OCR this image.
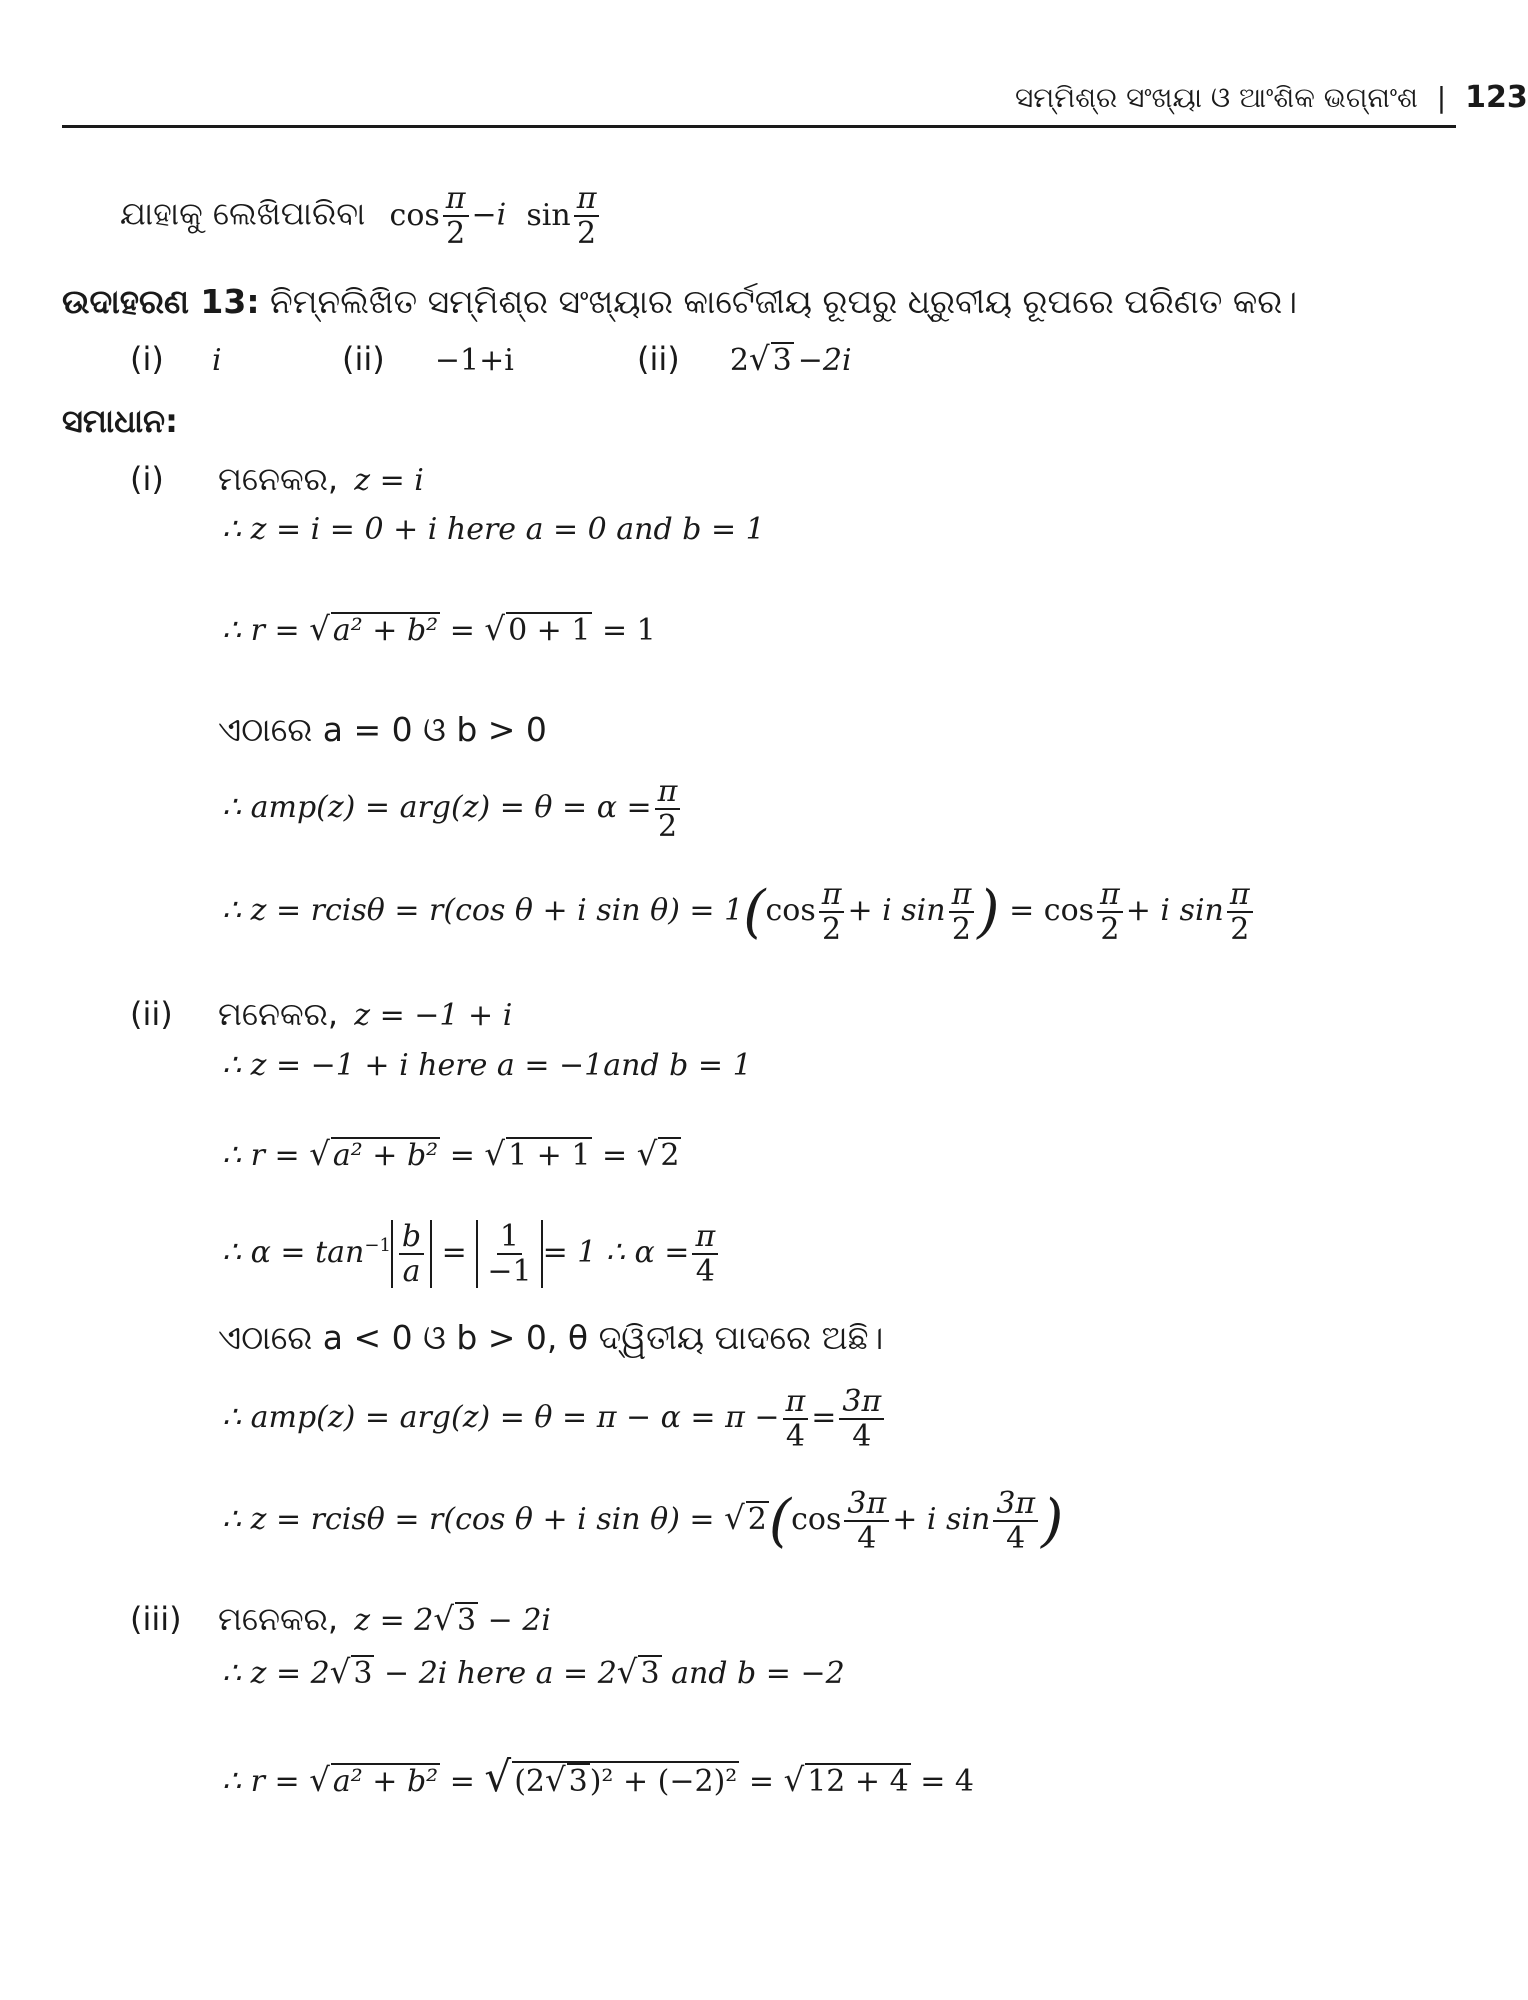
ସମ୍ମିଶ୍ର ସଂଖ୍ୟା ଓ ଆଂଶିକ ଭଗ୍ନାଂଶ | 123
ଯାହାକୁ ଲେଖିପାରିବା $\cos \frac{\pi}{2} -i$ $\sin \frac{\pi}{2}$
ଉଦାହରଣ 13: ନିମ୍ନଲିଖିତ ସମ୍ମିଶ୍ର ସଂଖ୍ୟାର କାର୍ଟେଜୀୟ ରୂପରୁ ଧ୍ରୁବୀୟ ରୂପରେ ପରିଣତ କର।
(i) i	(ii) −1+i	(ii) 2√ 3 −2i
ସମାଧାନ:
(i) ମନେକର, z = i
∴ z = i = 0 + i here a = 0 and b = 1
∴ r = √ a² + b² = √ 0 + 1 = 1
ଏଠାରେ a = 0 ଓ b > 0
∴ $amp(z) = arg(z) = \theta = \alpha = \frac{\pi}{2}$
∴ z = rcisθ = r(cos θ + i $\sin \theta) = 1(\cos \frac{\pi}{2} + i$ $\sin \frac{\pi}{2}$ ) = $\cos \frac{\pi}{2} + i$ $\sin \frac{\pi}{2}$
(ii) ମନେକର, z = −1 + i
∴ z = −1 + i here a = −1and b = 1
∴ r = √ a² + b² = √ 1 + 1 = √ 2
∴ $\alpha = \tan^{-1} \frac{b}{a} = \frac{1}{-1} = 1$ ∴ $\alpha = \frac{\pi}{4}$
ଏଠାରେ a < 0 ଓ b > 0, θ ଦ୍ୱିତୀୟ ପାଦରେ ଅଛି।
∴ $amp(z) = arg(z) = \theta = \pi - \alpha = \pi - \frac{\pi}{4} = \frac{3\pi}{4}$
∴ z = rcisθ = r(cos θ + i sin θ) = √ $2(\cos \frac{3\pi}{4} + i$ $\sin \frac{3\pi}{4}$ )
(iii) ମନେକର, z = 2√ 3 − 2i
∴ z = 2√ 3 − 2i here a = 2√ 3 and b = −2
∴ r = √ a² + b² = √ (2√ 3)² + (−2)² = √ 12 + 4 = 4
